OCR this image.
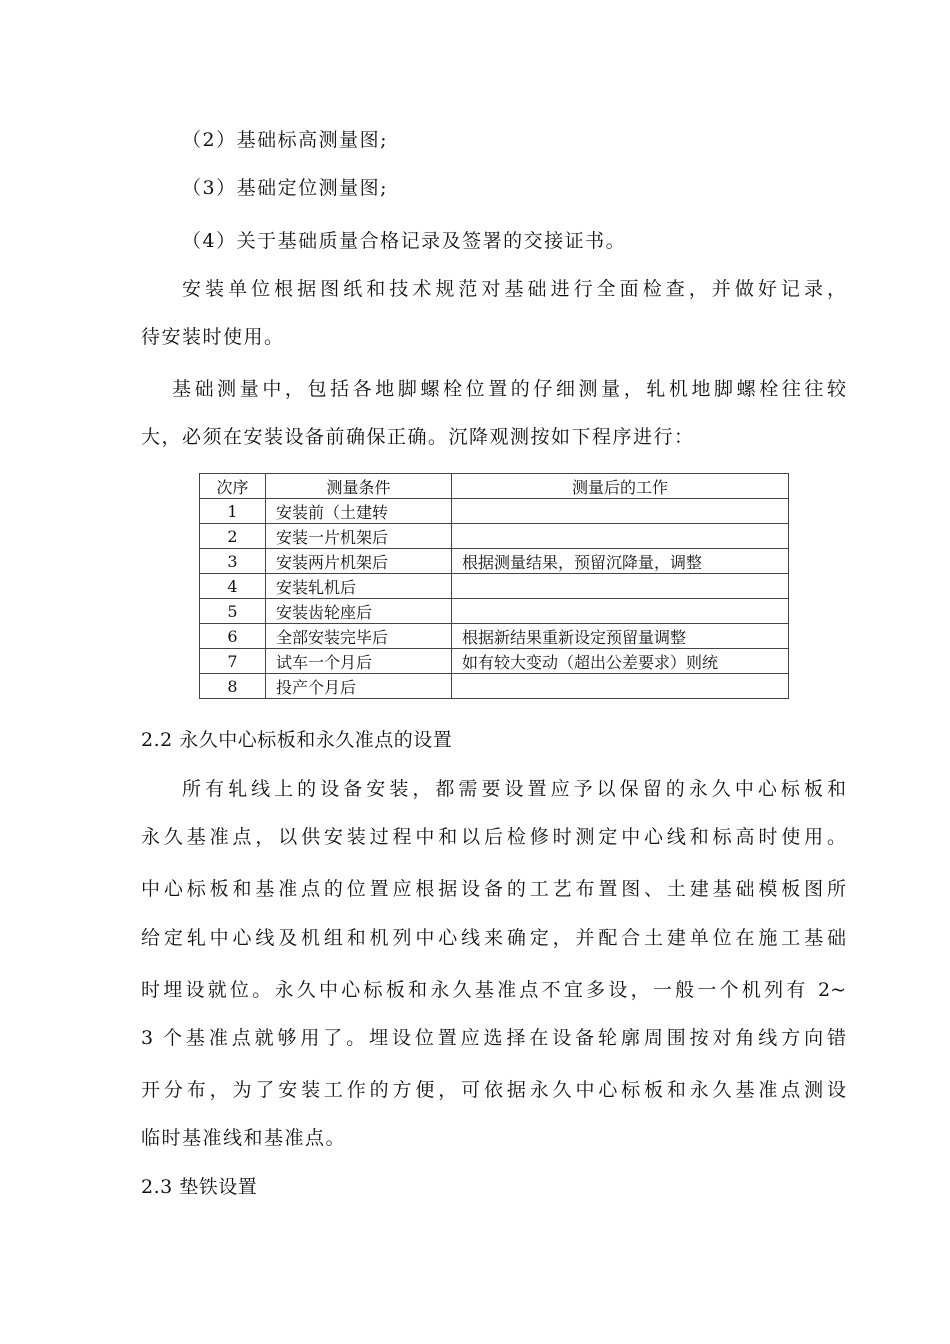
（2）基础标高测量图;
（3）基础定位测量图;
（4）关于基础质量合格记录及签署的交接证书。
安装单位根据图纸和技术规范对基础进行全面检查，并做好记录，
待安装时使用。
基础测量中，包括各地脚螺栓位置的仔细测量，轧机地脚螺栓往往较
大，必须在安装设备前确保正确。沉降观测按如下程序进行：
次序	测量条件	测量后的工作
1	安装前（土建转	
2	安装一片机架后	
3	安装两片机架后	根据测量结果，预留沉降量，调整
4	安装轧机后	
5	安装齿轮座后	
6	全部安装完毕后	根据新结果重新设定预留量调整
7	试车一个月后	如有较大变动（超出公差要求）则统
8	投产个月后	
2.2 永久中心标板和永久准点的设置
所有轧线上的设备安装，都需要设置应予以保留的永久中心标板和
永久基准点，以供安装过程中和以后检修时测定中心线和标高时使用。
中心标板和基准点的位置应根据设备的工艺布置图、土建基础模板图所
给定轧中心线及机组和机列中心线来确定，并配合土建单位在施工基础
时埋设就位。永久中心标板和永久基准点不宜多设，一般一个机列有 2~
3 个基准点就够用了。埋设位置应选择在设备轮廓周围按对角线方向错
开分布，为了安装工作的方便，可依据永久中心标板和永久基准点测设
临时基准线和基准点。
2.3 垫铁设置
